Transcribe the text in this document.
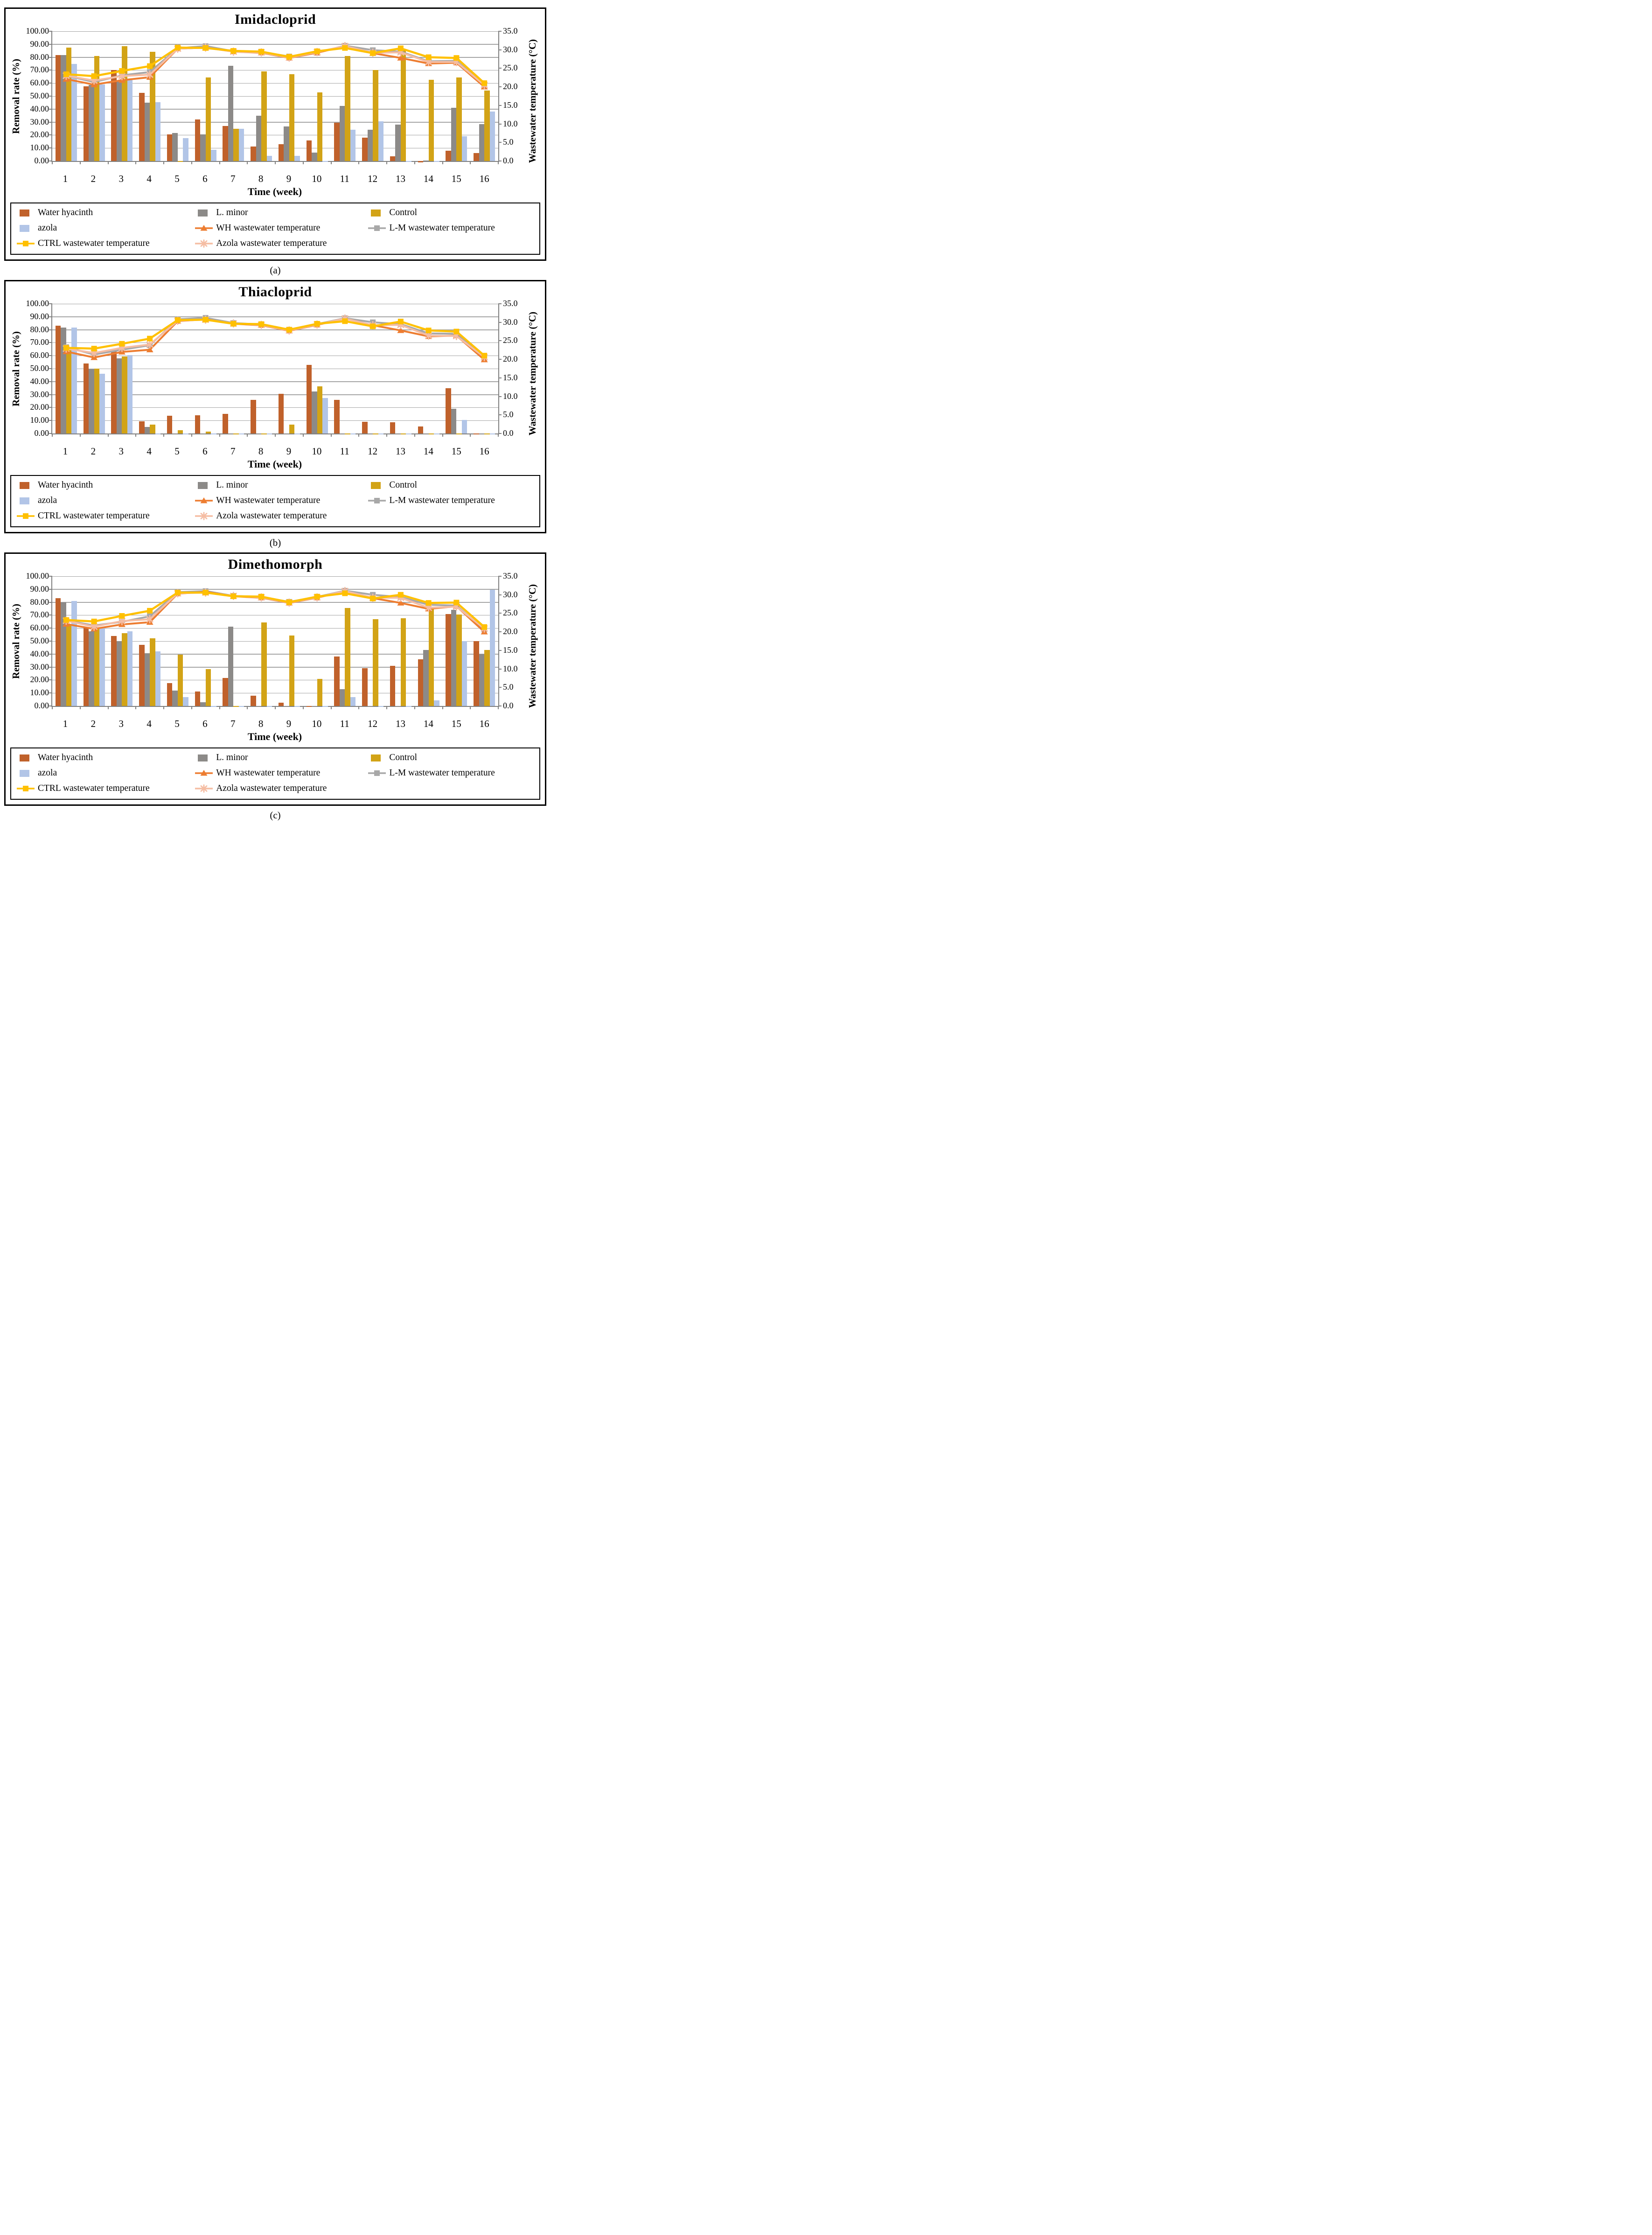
Imidacloprid
Removal rate (%)
100.00
90.00
80.00
70.00
60.00
50.00
40.00
30.00
20.00
10.00
0.00
35.0
30.0
25.0
20.0
15.0
10.0
5.0
0.0 Wastewater temperature (°C)
1	2	3	4	5	6	7	8	9	10	11	12	13	14	15	16
Time (week)
Water hyacinth	L. minor	Control
azola	WH wastewater temperature	L-M wastewater temperature
CTRL wastewater temperature	Azola wastewater temperature
(a)
Thiacloprid
Removal rate (%)
100.00
90.00
80.00
70.00
60.00
50.00
40.00
30.00
20.00
10.00
0.00
35.0
30.0
25.0
20.0
15.0
10.0
5.0
0.0 Wastewater temperature (°C)
1	2	3	4	5	6	7	8	9	10	11	12	13	14	15	16
Time (week)
Water hyacinth	L. minor	Control
azola	WH wastewater temperature	L-M wastewater temperature
CTRL wastewater temperature	Azola wastewater temperature
(b)
Dimethomorph
Removal rate (%)
100.00
90.00
80.00
70.00
60.00
50.00
40.00
30.00
20.00
10.00
0.00
35.0
30.0
25.0
20.0
15.0
10.0
5.0
0.0 Wastewater temperature (°C)
1	2	3	4	5	6	7	8	9	10	11	12	13	14	15	16
Time (week)
Water hyacinth	L. minor	Control
azola	WH wastewater temperature	L-M wastewater temperature
CTRL wastewater temperature	Azola wastewater temperature
(c)
